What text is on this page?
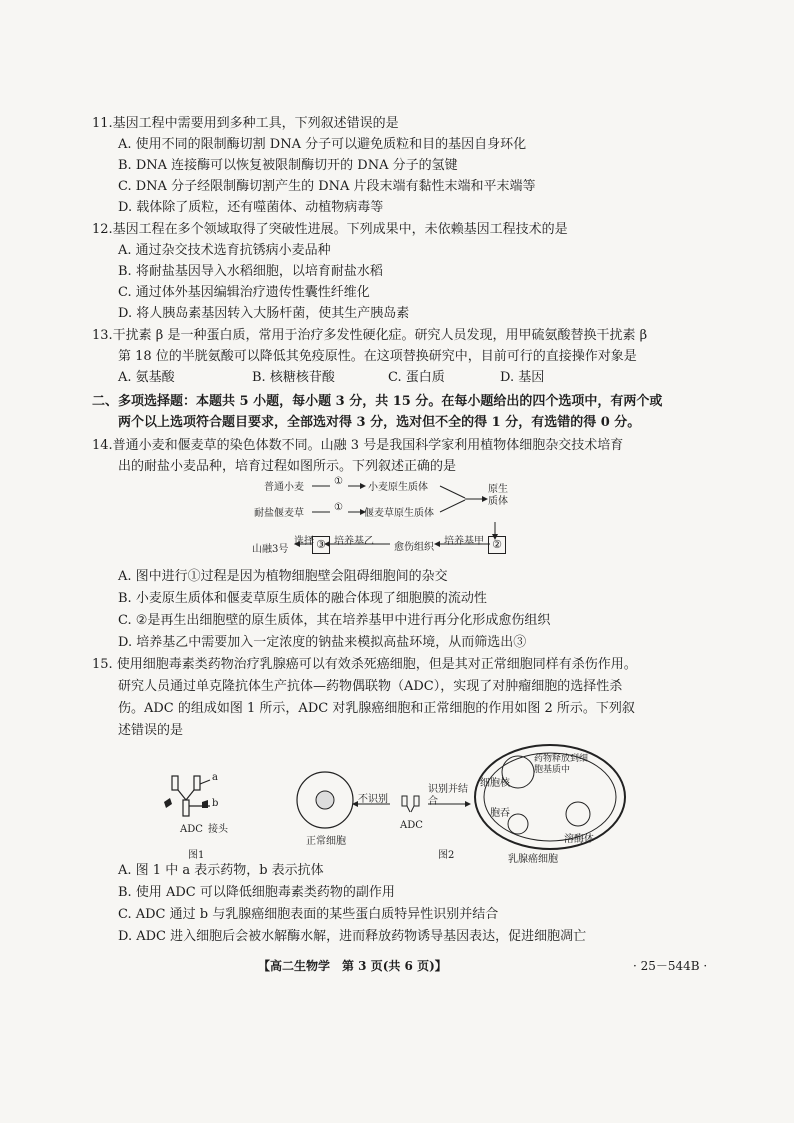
11.基因工程中需要用到多种工具，下列叙述错误的是
A. 使用不同的限制酶切割 DNA 分子可以避免质粒和目的基因自身环化
B. DNA 连接酶可以恢复被限制酶切开的 DNA 分子的氢键
C. DNA 分子经限制酶切割产生的 DNA 片段末端有黏性末端和平末端等
D. 载体除了质粒，还有噬菌体、动植物病毒等
12.基因工程在多个领域取得了突破性进展。下列成果中，未依赖基因工程技术的是
A. 通过杂交技术选育抗锈病小麦品种
B. 将耐盐基因导入水稻细胞，以培育耐盐水稻
C. 通过体外基因编辑治疗遗传性囊性纤维化
D. 将人胰岛素基因转入大肠杆菌，使其生产胰岛素
13.干扰素 β 是一种蛋白质，常用于治疗多发性硬化症。研究人员发现，用甲硫氨酸替换干扰素 β
第 18 位的半胱氨酸可以降低其免疫原性。在这项替换研究中，目前可行的直接操作对象是
A. 氨基酸	B. 核糖核苷酸	C. 蛋白质	D. 基因
二、多项选择题：本题共 5 小题，每小题 3 分，共 15 分。在每小题给出的四个选项中，有两个或
两个以上选项符合题目要求，全部选对得 3 分，选对但不全的得 1 分，有选错的得 0 分。
14.普通小麦和偃麦草的染色体数不同。山融 3 号是我国科学家利用植物体细胞杂交技术培育
出的耐盐小麦品种，培育过程如图所示。下列叙述正确的是
普通小麦
①
小麦原生质体
耐盐偃麦草
①
偃麦草原生质体
原生质体
②
培养基甲
愈伤组织
培养基乙
③
选择
山融3号
A. 图中进行①过程是因为植物细胞壁会阻碍细胞间的杂交
B. 小麦原生质体和偃麦草原生质体的融合体现了细胞膜的流动性
C. ②是再生出细胞壁的原生质体，其在培养基甲中进行再分化形成愈伤组织
D. 培养基乙中需要加入一定浓度的钠盐来模拟高盐环境，从而筛选出③
15. 使用细胞毒素类药物治疗乳腺癌可以有效杀死癌细胞，但是其对正常细胞同样有杀伤作用。
研究人员通过单克隆抗体生产抗体—药物偶联物（ADC），实现了对肿瘤细胞的选择性杀
伤。ADC 的组成如图 1 所示，ADC 对乳腺癌细胞和正常细胞的作用如图 2 所示。下列叙
述错误的是
a
b
接头
ADC
图1
正常细胞
不识别
ADC
识别并结合
细胞核
药物释放到细胞基质中
胞吞
溶酶体
乳腺癌细胞
图2
A. 图 1 中 a 表示药物，b 表示抗体
B. 使用 ADC 可以降低细胞毒素类药物的副作用
C. ADC 通过 b 与乳腺癌细胞表面的某些蛋白质特异性识别并结合
D. ADC 进入细胞后会被水解酶水解，进而释放药物诱导基因表达，促进细胞凋亡
【高二生物学　第 3 页(共 6 页)】	· 25－544B ·
